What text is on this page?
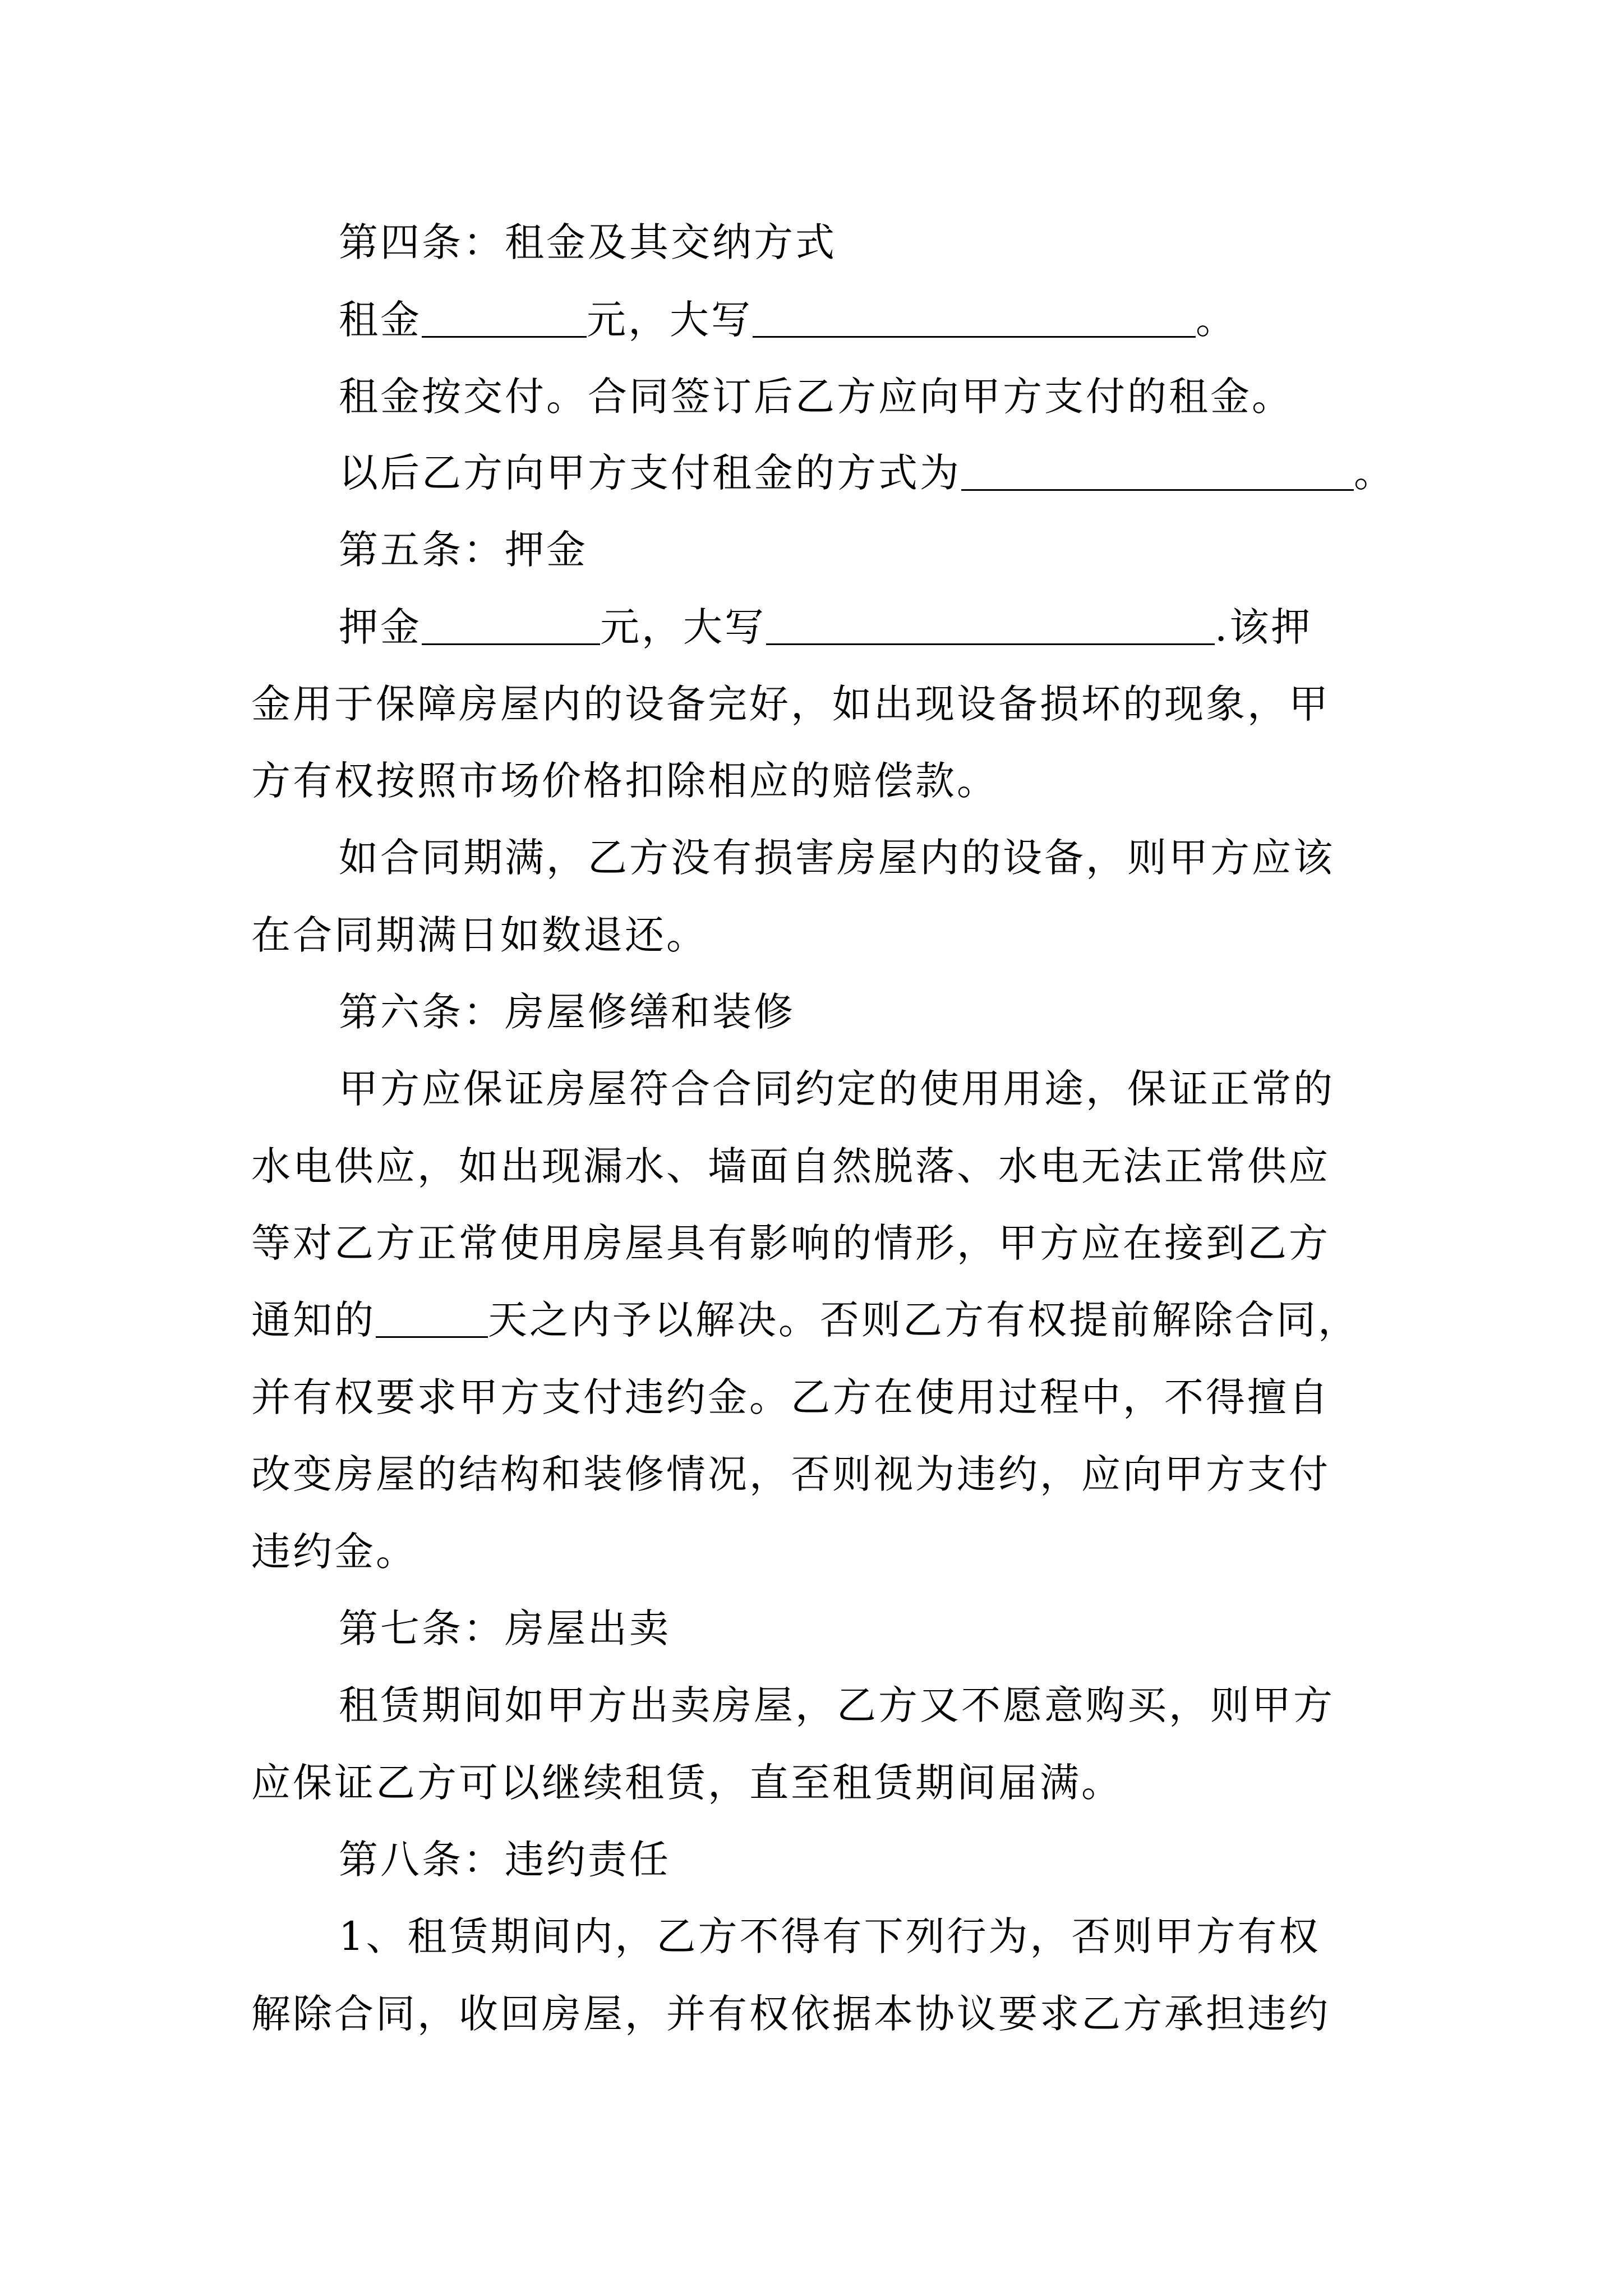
第四条：租金及其交纳方式
租金	元，大写	。
租金按交付。合同签订后乙方应向甲方支付的租金。
以后乙方向甲方支付租金的方式为	。
第五条：押金
押金	元，大写	.该押
金用于保障房屋内的设备完好，如出现设备损坏的现象，甲
方有权按照市场价格扣除相应的赔偿款。
如合同期满，乙方没有损害房屋内的设备，则甲方应该
在合同期满日如数退还。
第六条：房屋修缮和装修
甲方应保证房屋符合合同约定的使用用途，保证正常的
水电供应，如出现漏水、墙面自然脱落、水电无法正常供应
等对乙方正常使用房屋具有影响的情形，甲方应在接到乙方
通知的	天之内予以解决。否则乙方有权提前解除合同，
并有权要求甲方支付违约金。乙方在使用过程中，不得擅自
改变房屋的结构和装修情况，否则视为违约，应向甲方支付
违约金。
第七条：房屋出卖
租赁期间如甲方出卖房屋，乙方又不愿意购买，则甲方
应保证乙方可以继续租赁，直至租赁期间届满。
第八条：违约责任
1、租赁期间内，乙方不得有下列行为，否则甲方有权
解除合同，收回房屋，并有权依据本协议要求乙方承担违约
